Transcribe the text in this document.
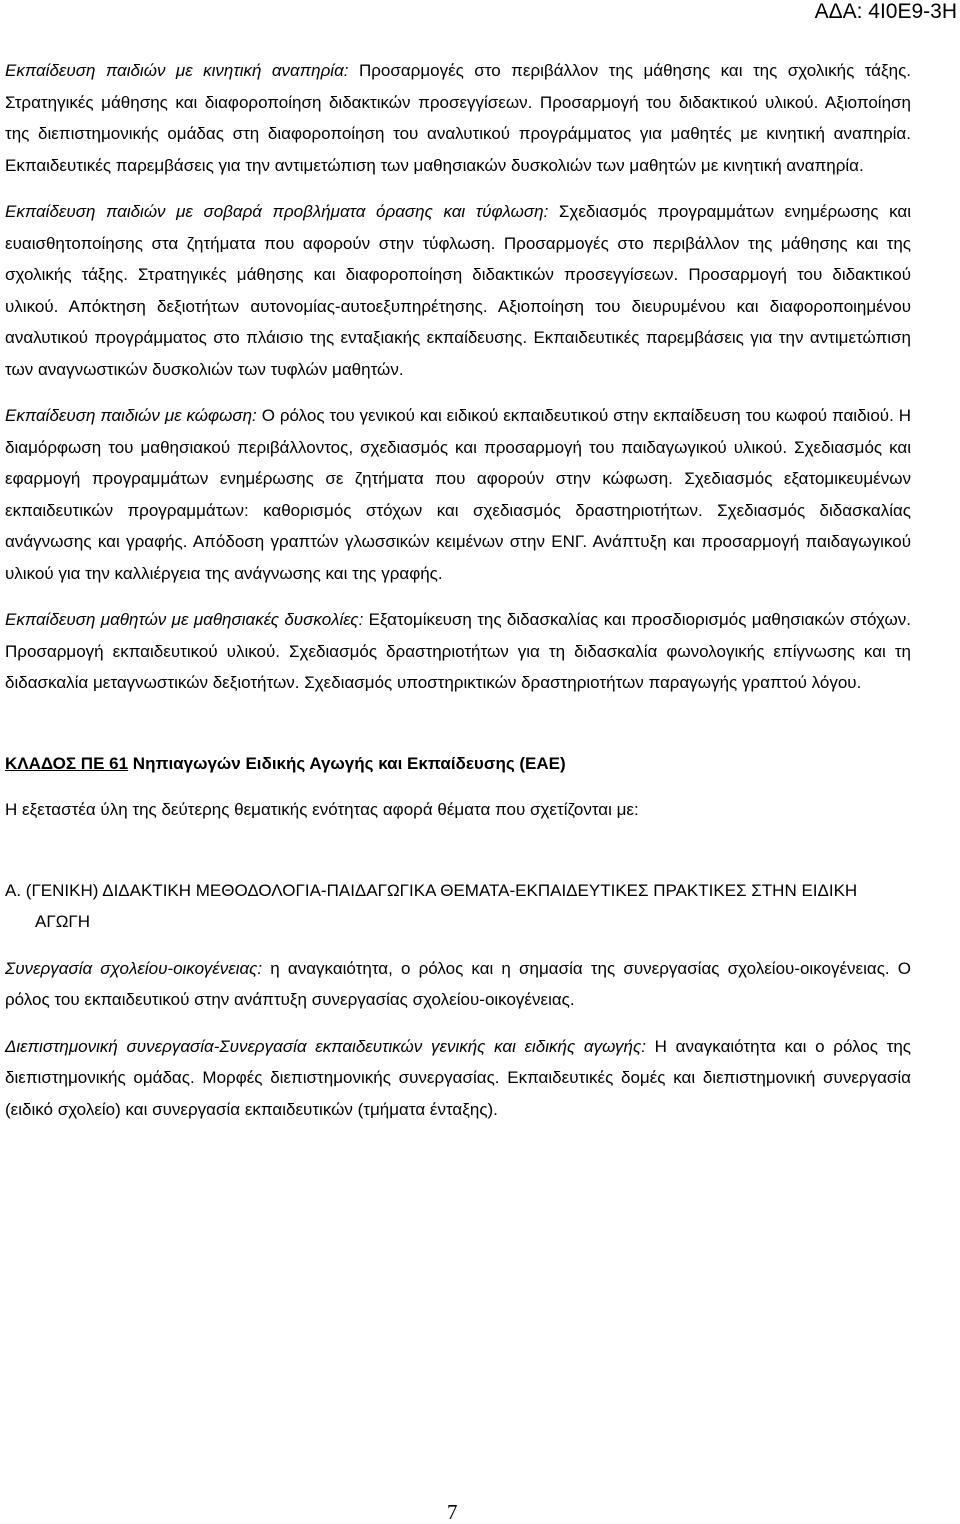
ΑΔΑ: 4Ι0Ε9-3Η

Εκπαίδευση παιδιών με κινητική αναπηρία: Προσαρμογές στο περιβάλλον της μάθησης και της σχολικής τάξης. Στρατηγικές μάθησης και διαφοροποίηση διδακτικών προσεγγίσεων. Προσαρμογή του διδακτικού υλικού. Αξιοποίηση της διεπιστημονικής ομάδας στη διαφοροποίηση του αναλυτικού προγράμματος για μαθητές με κινητική αναπηρία. Εκπαιδευτικές παρεμβάσεις για την αντιμετώπιση των μαθησιακών δυσκολιών των μαθητών με κινητική αναπηρία.

Εκπαίδευση παιδιών με σοβαρά προβλήματα όρασης και τύφλωση: Σχεδιασμός προγραμμάτων ενημέρωσης και ευαισθητοποίησης στα ζητήματα που αφορούν στην τύφλωση. Προσαρμογές στο περιβάλλον της μάθησης και της σχολικής τάξης. Στρατηγικές μάθησης και διαφοροποίηση διδακτικών προσεγγίσεων. Προσαρμογή του διδακτικού υλικού. Απόκτηση δεξιοτήτων αυτονομίας-αυτοεξυπηρέτησης. Αξιοποίηση του διευρυμένου και διαφοροποιημένου αναλυτικού προγράμματος στο πλάισιο της ενταξιακής εκπαίδευσης. Εκπαιδευτικές παρεμβάσεις για την αντιμετώπιση των αναγνωστικών δυσκολιών των τυφλών μαθητών.

Εκπαίδευση παιδιών με κώφωση: Ο ρόλος του γενικού και ειδικού εκπαιδευτικού στην εκπαίδευση του κωφού παιδιού. Η διαμόρφωση του μαθησιακού περιβάλλοντος, σχεδιασμός και προσαρμογή του παιδαγωγικού υλικού. Σχεδιασμός και εφαρμογή προγραμμάτων ενημέρωσης σε ζητήματα που αφορούν στην κώφωση. Σχεδιασμός εξατομικευμένων εκπαιδευτικών προγραμμάτων: καθορισμός στόχων και σχεδιασμός δραστηριοτήτων. Σχεδιασμός διδασκαλίας ανάγνωσης και γραφής. Απόδοση γραπτών γλωσσικών κειμένων στην ΕΝΓ. Ανάπτυξη και προσαρμογή παιδαγωγικού υλικού για την καλλιέργεια της ανάγνωσης και της γραφής.

Εκπαίδευση μαθητών με μαθησιακές δυσκολίες: Εξατομίκευση της διδασκαλίας και προσδιορισμός μαθησιακών στόχων. Προσαρμογή εκπαιδευτικού υλικού. Σχεδιασμός δραστηριοτήτων για τη διδασκαλία φωνολογικής επίγνωσης και τη διδασκαλία μεταγνωστικών δεξιοτήτων. Σχεδιασμός υποστηρικτικών δραστηριοτήτων παραγωγής γραπτού λόγου.

ΚΛΑΔΟΣ ΠΕ 61 Νηπιαγωγών Ειδικής Αγωγής και Εκπαίδευσης (ΕΑΕ)

Η εξεταστέα ύλη της δεύτερης θεματικής ενότητας αφορά θέματα που σχετίζονται με:

Α. (ΓΕΝΙΚΗ) ΔΙΔΑΚΤΙΚΗ ΜΕΘΟΔΟΛΟΓΙΑ-ΠΑΙΔΑΓΩΓΙΚΑ ΘΕΜΑΤΑ-ΕΚΠΑΙΔΕΥΤΙΚΕΣ ΠΡΑΚΤΙΚΕΣ ΣΤΗΝ ΕΙΔΙΚΗ ΑΓΩΓΗ

Συνεργασία σχολείου-οικογένειας: η αναγκαιότητα, ο ρόλος και η σημασία της συνεργασίας σχολείου-οικογένειας. Ο ρόλος του εκπαιδευτικού στην ανάπτυξη συνεργασίας σχολείου-οικογένειας.

Διεπιστημονική συνεργασία-Συνεργασία εκπαιδευτικών γενικής και ειδικής αγωγής: Η αναγκαιότητα και ο ρόλος της διεπιστημονικής ομάδας. Μορφές διεπιστημονικής συνεργασίας. Εκπαιδευτικές δομές και διεπιστημονική συνεργασία (ειδικό σχολείο) και συνεργασία εκπαιδευτικών (τμήματα ένταξης).

7
